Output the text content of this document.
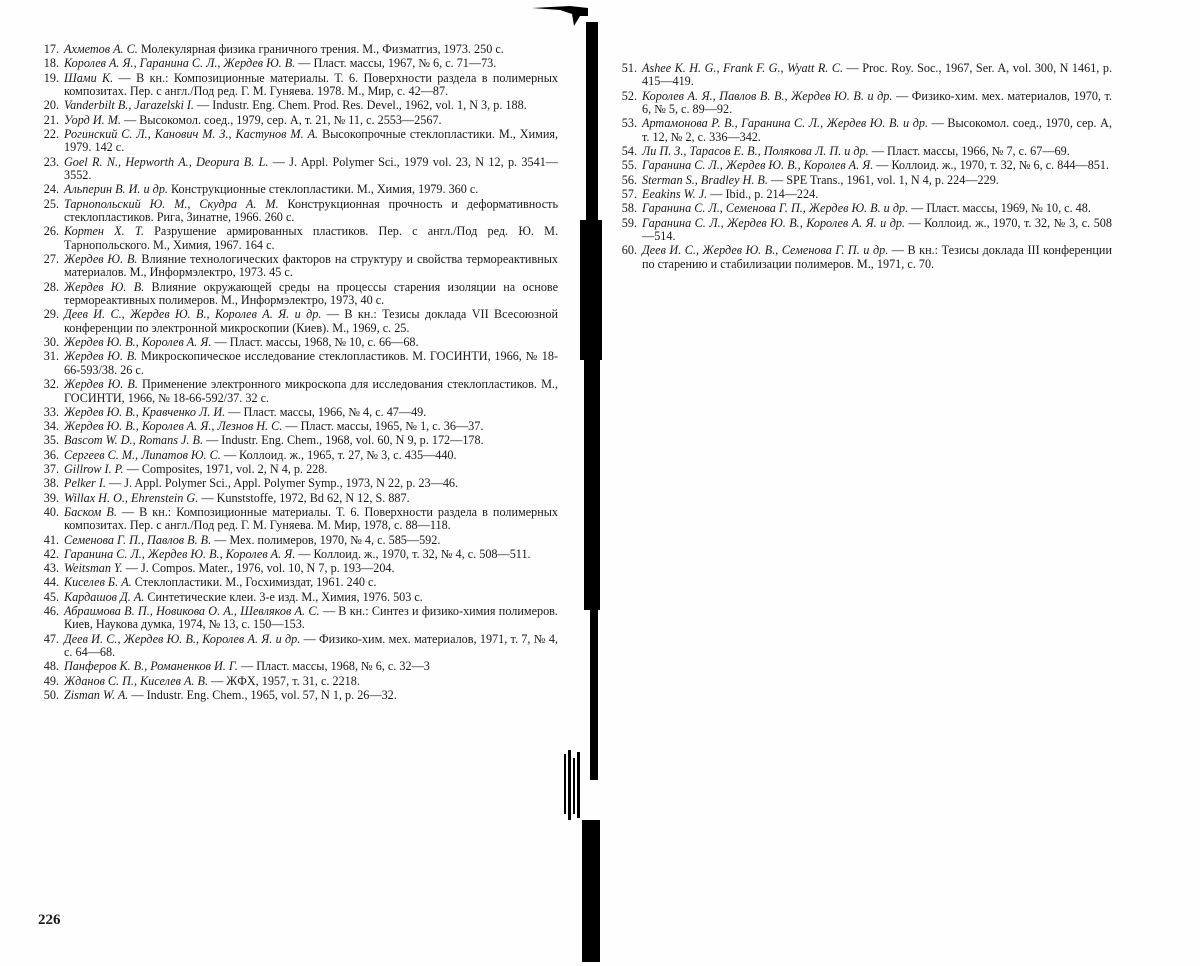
17. Ахметов А. С. Молекулярная физика граничного трения. М., Физматгиз, 1973. 250 с.
18. Королев А. Я., Гаранина С. Л., Жердев Ю. В. — Пласт. массы, 1967, № 6, с. 71—73.
19. Шами К. — В кн.: Композиционные материалы. Т. 6. Поверхности раздела в полимерных композитах. Пер. с англ./Под ред. Г. М. Гуняева. 1978. М., Мир, с. 42—87.
20. Vanderbilt B., Jarazelski I. — Industr. Eng. Chem. Prod. Res. Devel., 1962, vol. 1, N 3, p. 188.
21. Уорд И. М. — Высокомол. соед., 1979, сер. А, т. 21, № 11, с. 2553—2567.
22. Рогинский С. Л., Канович М. З., Кастунов М. А. Высокопрочные стеклопластики. М., Химия, 1979. 142 с.
23. Goel R. N., Hepworth A., Deopura B. L. — J. Appl. Polymer Sci., 1979 vol. 23, N 12, p. 3541—3552.
24. Альперин В. И. и др. Конструкционные стеклопластики. М., Химия, 1979. 360 с.
25. Тарнопольский Ю. М., Скудра А. М. Конструкционная прочность и деформативность стеклопластиков. Рига, Зинатне, 1966. 260 с.
26. Кортен Х. Т. Разрушение армированных пластиков. Пер. с англ./Под ред. Ю. М. Тарнопольского. М., Химия, 1967. 164 с.
27. Жердев Ю. В. Влияние технологических факторов на структуру и свойства термореактивных материалов. М., Информэлектро, 1973. 45 с.
28. Жердев Ю. В. Влияние окружающей среды на процессы старения изоляции на основе термореактивных полимеров. М., Информэлектро, 1973, 40 с.
29. Деев И. С., Жердев Ю. В., Королев А. Я. и др. — В кн.: Тезисы доклада VII Всесоюзной конференции по электронной микроскопии (Киев). М., 1969, с. 25.
30. Жердев Ю. В., Королев А. Я. — Пласт. массы, 1968, № 10, с. 66—68.
31. Жердев Ю. В. Микроскопическое исследование стеклопластиков. М. ГОСИНТИ, 1966, № 18-66-593/38. 26 с.
32. Жердев Ю. В. Применение электронного микроскопа для исследования стеклопластиков. М., ГОСИНТИ, 1966, № 18-66-592/37. 32 с.
33. Жердев Ю. В., Кравченко Л. И. — Пласт. массы, 1966, № 4, с. 47—49.
34. Жердев Ю. В., Королев А. Я., Лезнов Н. С. — Пласт. массы, 1965, № 1, с. 36—37.
35. Bascom W. D., Romans J. B. — Industr. Eng. Chem., 1968, vol. 60, N 9, p. 172—178.
36. Сергеев С. М., Липатов Ю. С. — Коллоид. ж., 1965, т. 27, № 3, с. 435—440.
37. Gillrow I. P. — Composites, 1971, vol. 2, N 4, p. 228.
38. Pelker I. — J. Appl. Polymer Sci., Appl. Polymer Symp., 1973, N 22, p. 23—46.
39. Willax H. O., Ehrenstein G. — Kunststoffe, 1972, Bd 62, N 12, S. 887.
40. Баском В. — В кн.: Композиционные материалы. Т. 6. Поверхности раздела в полимерных композитах. Пер. с англ./Под ред. Г. М. Гуняева. М. Мир, 1978, с. 88—118.
41. Семенова Г. П., Павлов В. В. — Мех. полимеров, 1970, № 4, с. 585—592.
42. Гаранина С. Л., Жердев Ю. В., Королев А. Я. — Коллоид. ж., 1970, т. 32, № 4, с. 508—511.
43. Weitsman Y. — J. Compos. Mater., 1976, vol. 10, N 7, p. 193—204.
44. Киселев Б. А. Стеклопластики. М., Госхимиздат, 1961. 240 с.
45. Кардашов Д. А. Синтетические клеи. 3-е изд. М., Химия, 1976. 503 с.
46. Абраимова В. П., Новикова О. А., Шевляков А. С. — В кн.: Синтез и физико-химия полимеров. Киев, Наукова думка, 1974, № 13, с. 150—153.
47. Деев И. С., Жердев Ю. В., Королев А. Я. и др. — Физико-хим. мех. материалов, 1971, т. 7, № 4, с. 64—68.
48. Панферов К. В., Романенков И. Г. — Пласт. массы, 1968, № 6, с. 32—3
49. Жданов С. П., Киселев А. В. — ЖФХ, 1957, т. 31, с. 2218.
50. Zisman W. A. — Industr. Eng. Chem., 1965, vol. 57, N 1, p. 26—32.
51. Ashee K. H. G., Frank F. G., Wyatt R. C. — Proc. Roy. Soc., 1967, Ser. A, vol. 300, N 1461, p. 415—419.
52. Королев А. Я., Павлов В. В., Жердев Ю. В. и др. — Физико-хим. мех. материалов, 1970, т. 6, № 5, с. 89—92.
53. Артамонова Р. В., Гаранина С. Л., Жердев Ю. В. и др. — Высокомол. соед., 1970, сер. А, т. 12, № 2, с. 336—342.
54. Ли П. З., Тарасов Е. В., Полякова Л. П. и др. — Пласт. массы, 1966, № 7, с. 67—69.
55. Гаранина С. Л., Жердев Ю. В., Королев А. Я. — Коллоид. ж., 1970, т. 32, № 6, с. 844—851.
56. Sterman S., Bradley H. B. — SPE Trans., 1961, vol. 1, N 4, p. 224—229.
57. Eeakins W. J. — Ibid., p. 214—224.
58. Гаранина С. Л., Семенова Г. П., Жердев Ю. В. и др. — Пласт. массы, 1969, № 10, с. 48.
59. Гаранина С. Л., Жердев Ю. В., Королев А. Я. и др. — Коллоид. ж., 1970, т. 32, № 3, с. 508—514.
60. Деев И. С., Жердев Ю. В., Семенова Г. П. и др. — В кн.: Тезисы доклада III конференции по старению и стабилизации полимеров. М., 1971, с. 70.
226
